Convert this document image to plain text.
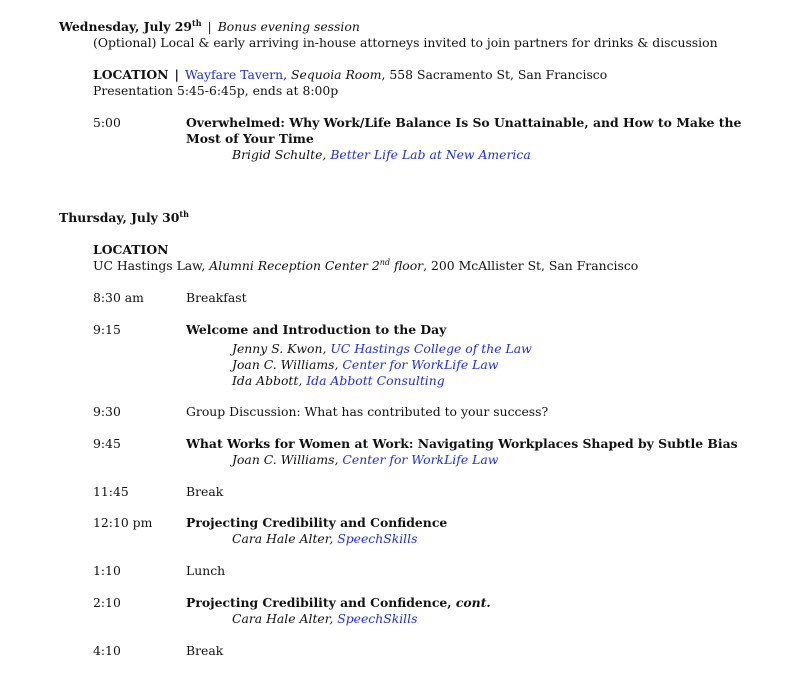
Wednesday, July 29th | Bonus evening session
(Optional) Local & early arriving in-house attorneys invited to join partners for drinks & discussion
LOCATION | Wayfare Tavern, Sequoia Room, 558 Sacramento St, San Francisco
Presentation 5:45-6:45p, ends at 8:00p
5:00	Overwhelmed: Why Work/Life Balance Is So Unattainable, and How to Make the
Most of Your Time
Brigid Schulte, Better Life Lab at New America
Thursday, July 30th
LOCATION
UC Hastings Law, Alumni Reception Center 2nd floor, 200 McAllister St, San Francisco
8:30 am	Breakfast
9:15	Welcome and Introduction to the Day
Jenny S. Kwon, UC Hastings College of the Law
Joan C. Williams, Center for WorkLife Law
Ida Abbott, Ida Abbott Consulting
9:30	Group Discussion: What has contributed to your success?
9:45	What Works for Women at Work: Navigating Workplaces Shaped by Subtle Bias
Joan C. Williams, Center for WorkLife Law
11:45	Break
12:10 pm	Projecting Credibility and Confidence
Cara Hale Alter, SpeechSkills
1:10	Lunch
2:10	Projecting Credibility and Confidence, cont.
Cara Hale Alter, SpeechSkills
4:10	Break
